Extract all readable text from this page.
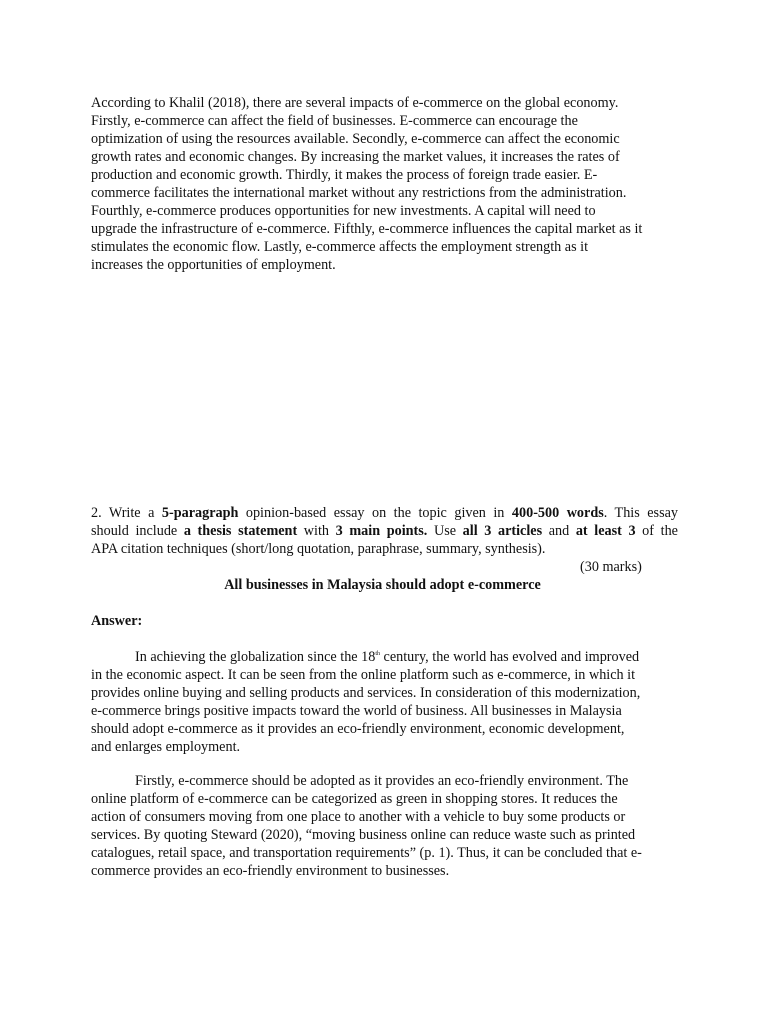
According to Khalil (2018), there are several impacts of e-commerce on the global economy.
Firstly, e-commerce can affect the field of businesses. E-commerce can encourage the
optimization of using the resources available. Secondly, e-commerce can affect the economic
growth rates and economic changes. By increasing the market values, it increases the rates of
production and economic growth. Thirdly, it makes the process of foreign trade easier. E-
commerce facilitates the international market without any restrictions from the administration.
Fourthly, e-commerce produces opportunities for new investments. A capital will need to
upgrade the infrastructure of e-commerce. Fifthly, e-commerce influences the capital market as it
stimulates the economic flow. Lastly, e-commerce affects the employment strength as it
increases the opportunities of employment.
2. Write a 5-paragraph opinion-based essay on the topic given in 400-500 words. This essay
should include a thesis statement with 3 main points. Use all 3 articles and at least 3 of the
APA citation techniques (short/long quotation, paraphrase, summary, synthesis).
(30 marks)
All businesses in Malaysia should adopt e-commerce
Answer:
In achieving the globalization since the 18th century, the world has evolved and improved
in the economic aspect. It can be seen from the online platform such as e-commerce, in which it
provides online buying and selling products and services. In consideration of this modernization,
e-commerce brings positive impacts toward the world of business. All businesses in Malaysia
should adopt e-commerce as it provides an eco-friendly environment, economic development,
and enlarges employment.
Firstly, e-commerce should be adopted as it provides an eco-friendly environment. The
online platform of e-commerce can be categorized as green in shopping stores. It reduces the
action of consumers moving from one place to another with a vehicle to buy some products or
services. By quoting Steward (2020), “moving business online can reduce waste such as printed
catalogues, retail space, and transportation requirements” (p. 1). Thus, it can be concluded that e-
commerce provides an eco-friendly environment to businesses.
